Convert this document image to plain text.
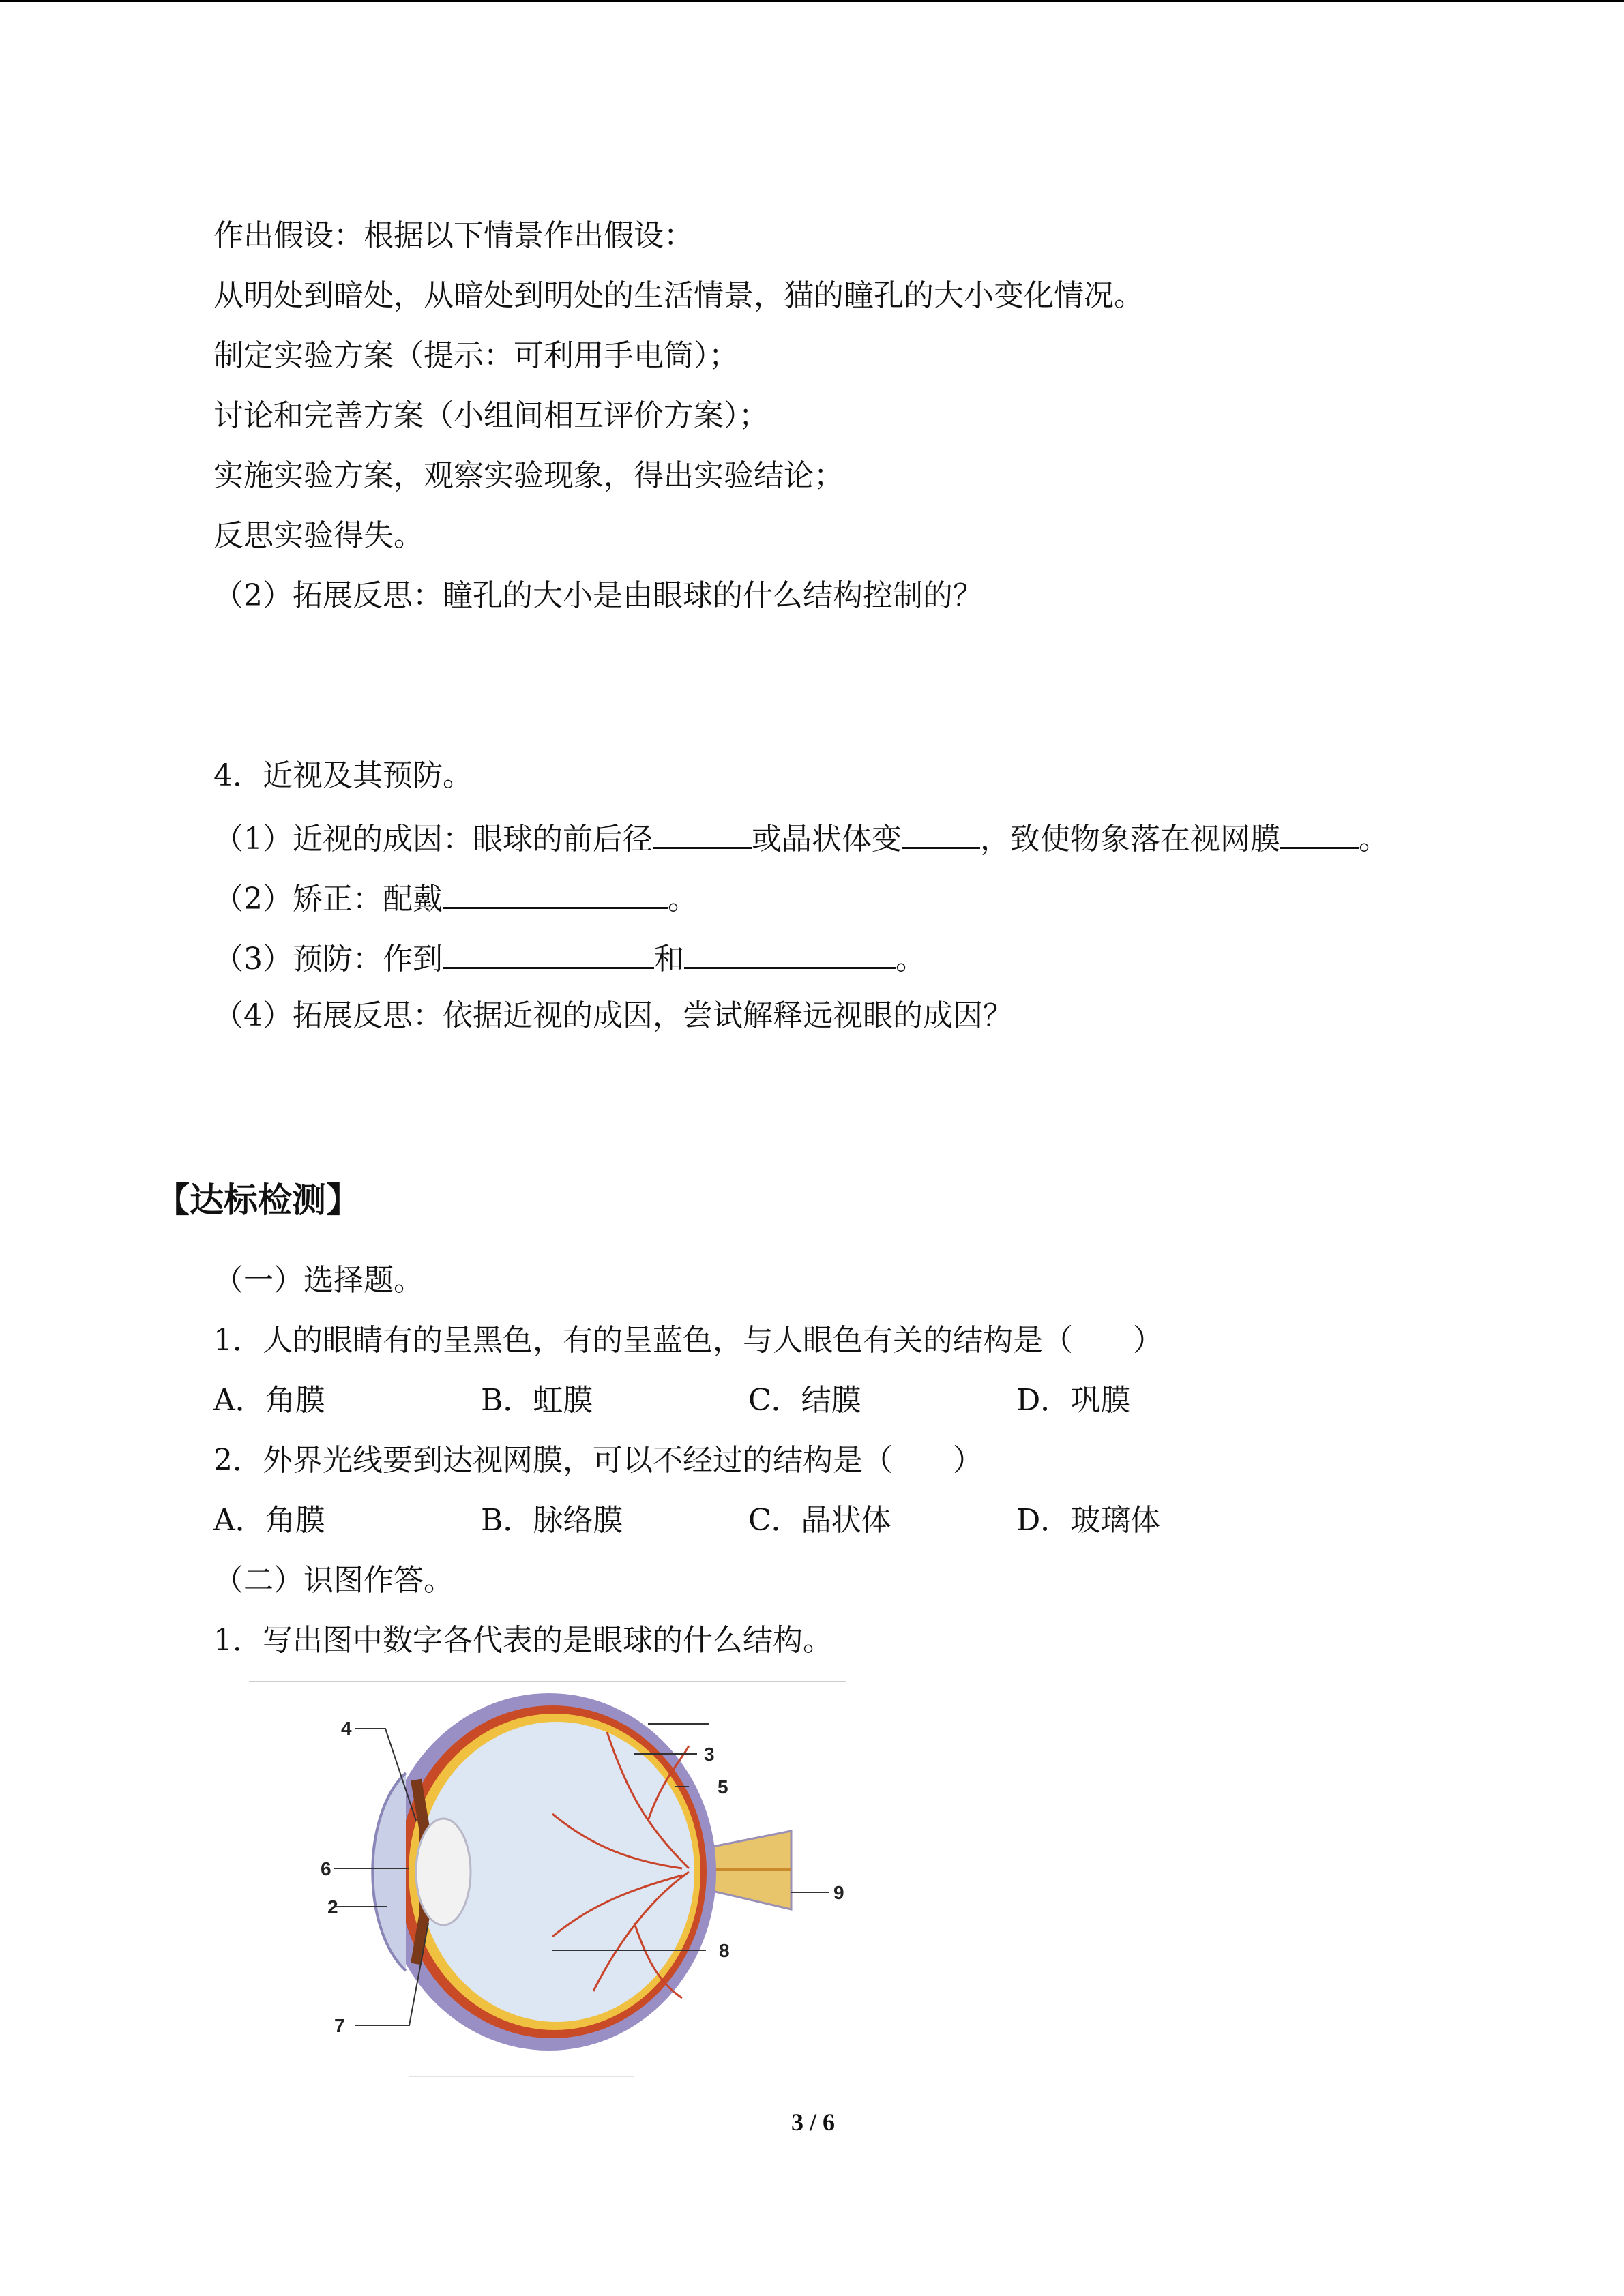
作出假设：根据以下情景作出假设：
从明处到暗处，从暗处到明处的生活情景，猫的瞳孔的大小变化情况。
制定实验方案（提示：可利用手电筒）；
讨论和完善方案（小组间相互评价方案）；
实施实验方案，观察实验现象，得出实验结论；
反思实验得失。
（2）拓展反思：瞳孔的大小是由眼球的什么结构控制的？
4．近视及其预防。
（1）近视的成因：眼球的前后径	或晶状体变	，致使物象落在视网膜	。
（2）矫正：配戴	。
（3）预防：作到	和	。
（4）拓展反思：依据近视的成因，尝试解释远视眼的成因？
【达标检测】
（一）选择题。
1．人的眼睛有的呈黑色，有的呈蓝色，与人眼色有关的结构是（　　）
A．角膜	B．虹膜	C．结膜	D．巩膜
2．外界光线要到达视网膜，可以不经过的结构是（　　）
A．角膜	B．脉络膜	C．晶状体	D．玻璃体
（二）识图作答。
1．写出图中数字各代表的是眼球的什么结构。
4
3
5
6
9
2
8
7
3 / 6
